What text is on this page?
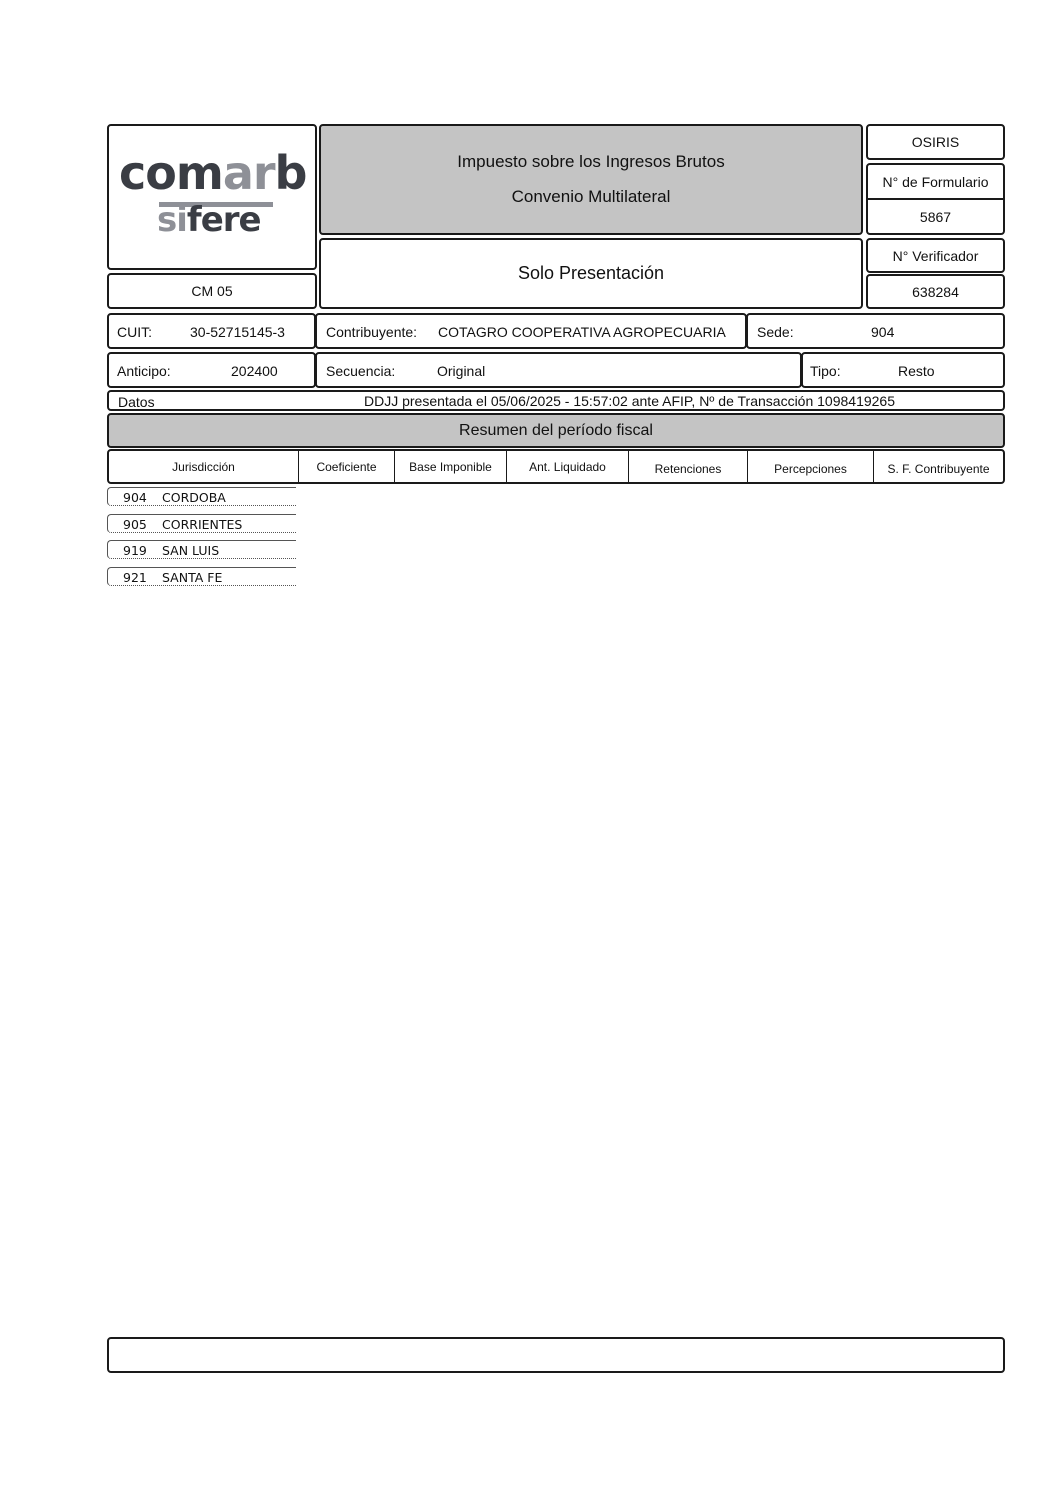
comarb
sifere
CM 05
Impuesto sobre los Ingresos Brutos
Convenio Multilateral
Solo Presentación
OSIRIS
N° de Formulario
5867
N° Verificador
638284
CUIT:	30-52715145-3	Contribuyente: COTAGRO COOPERATIVA AGROPECUARIA Sede:	904
Anticipo:	202400	Secuencia:	Original	Tipo:	Resto
Datos	DDJJ presentada el 05/06/2025 - 15:57:02 ante AFIP, Nº de Transacción 1098419265
Resumen del período fiscal
Jurisdicción	Coeficiente	Base Imponible	Ant. Liquidado	Retenciones	Percepciones	S. F. Contribuyente
904 CORDOBA
905 CORRIENTES
919 SAN LUIS
921 SANTA FE
